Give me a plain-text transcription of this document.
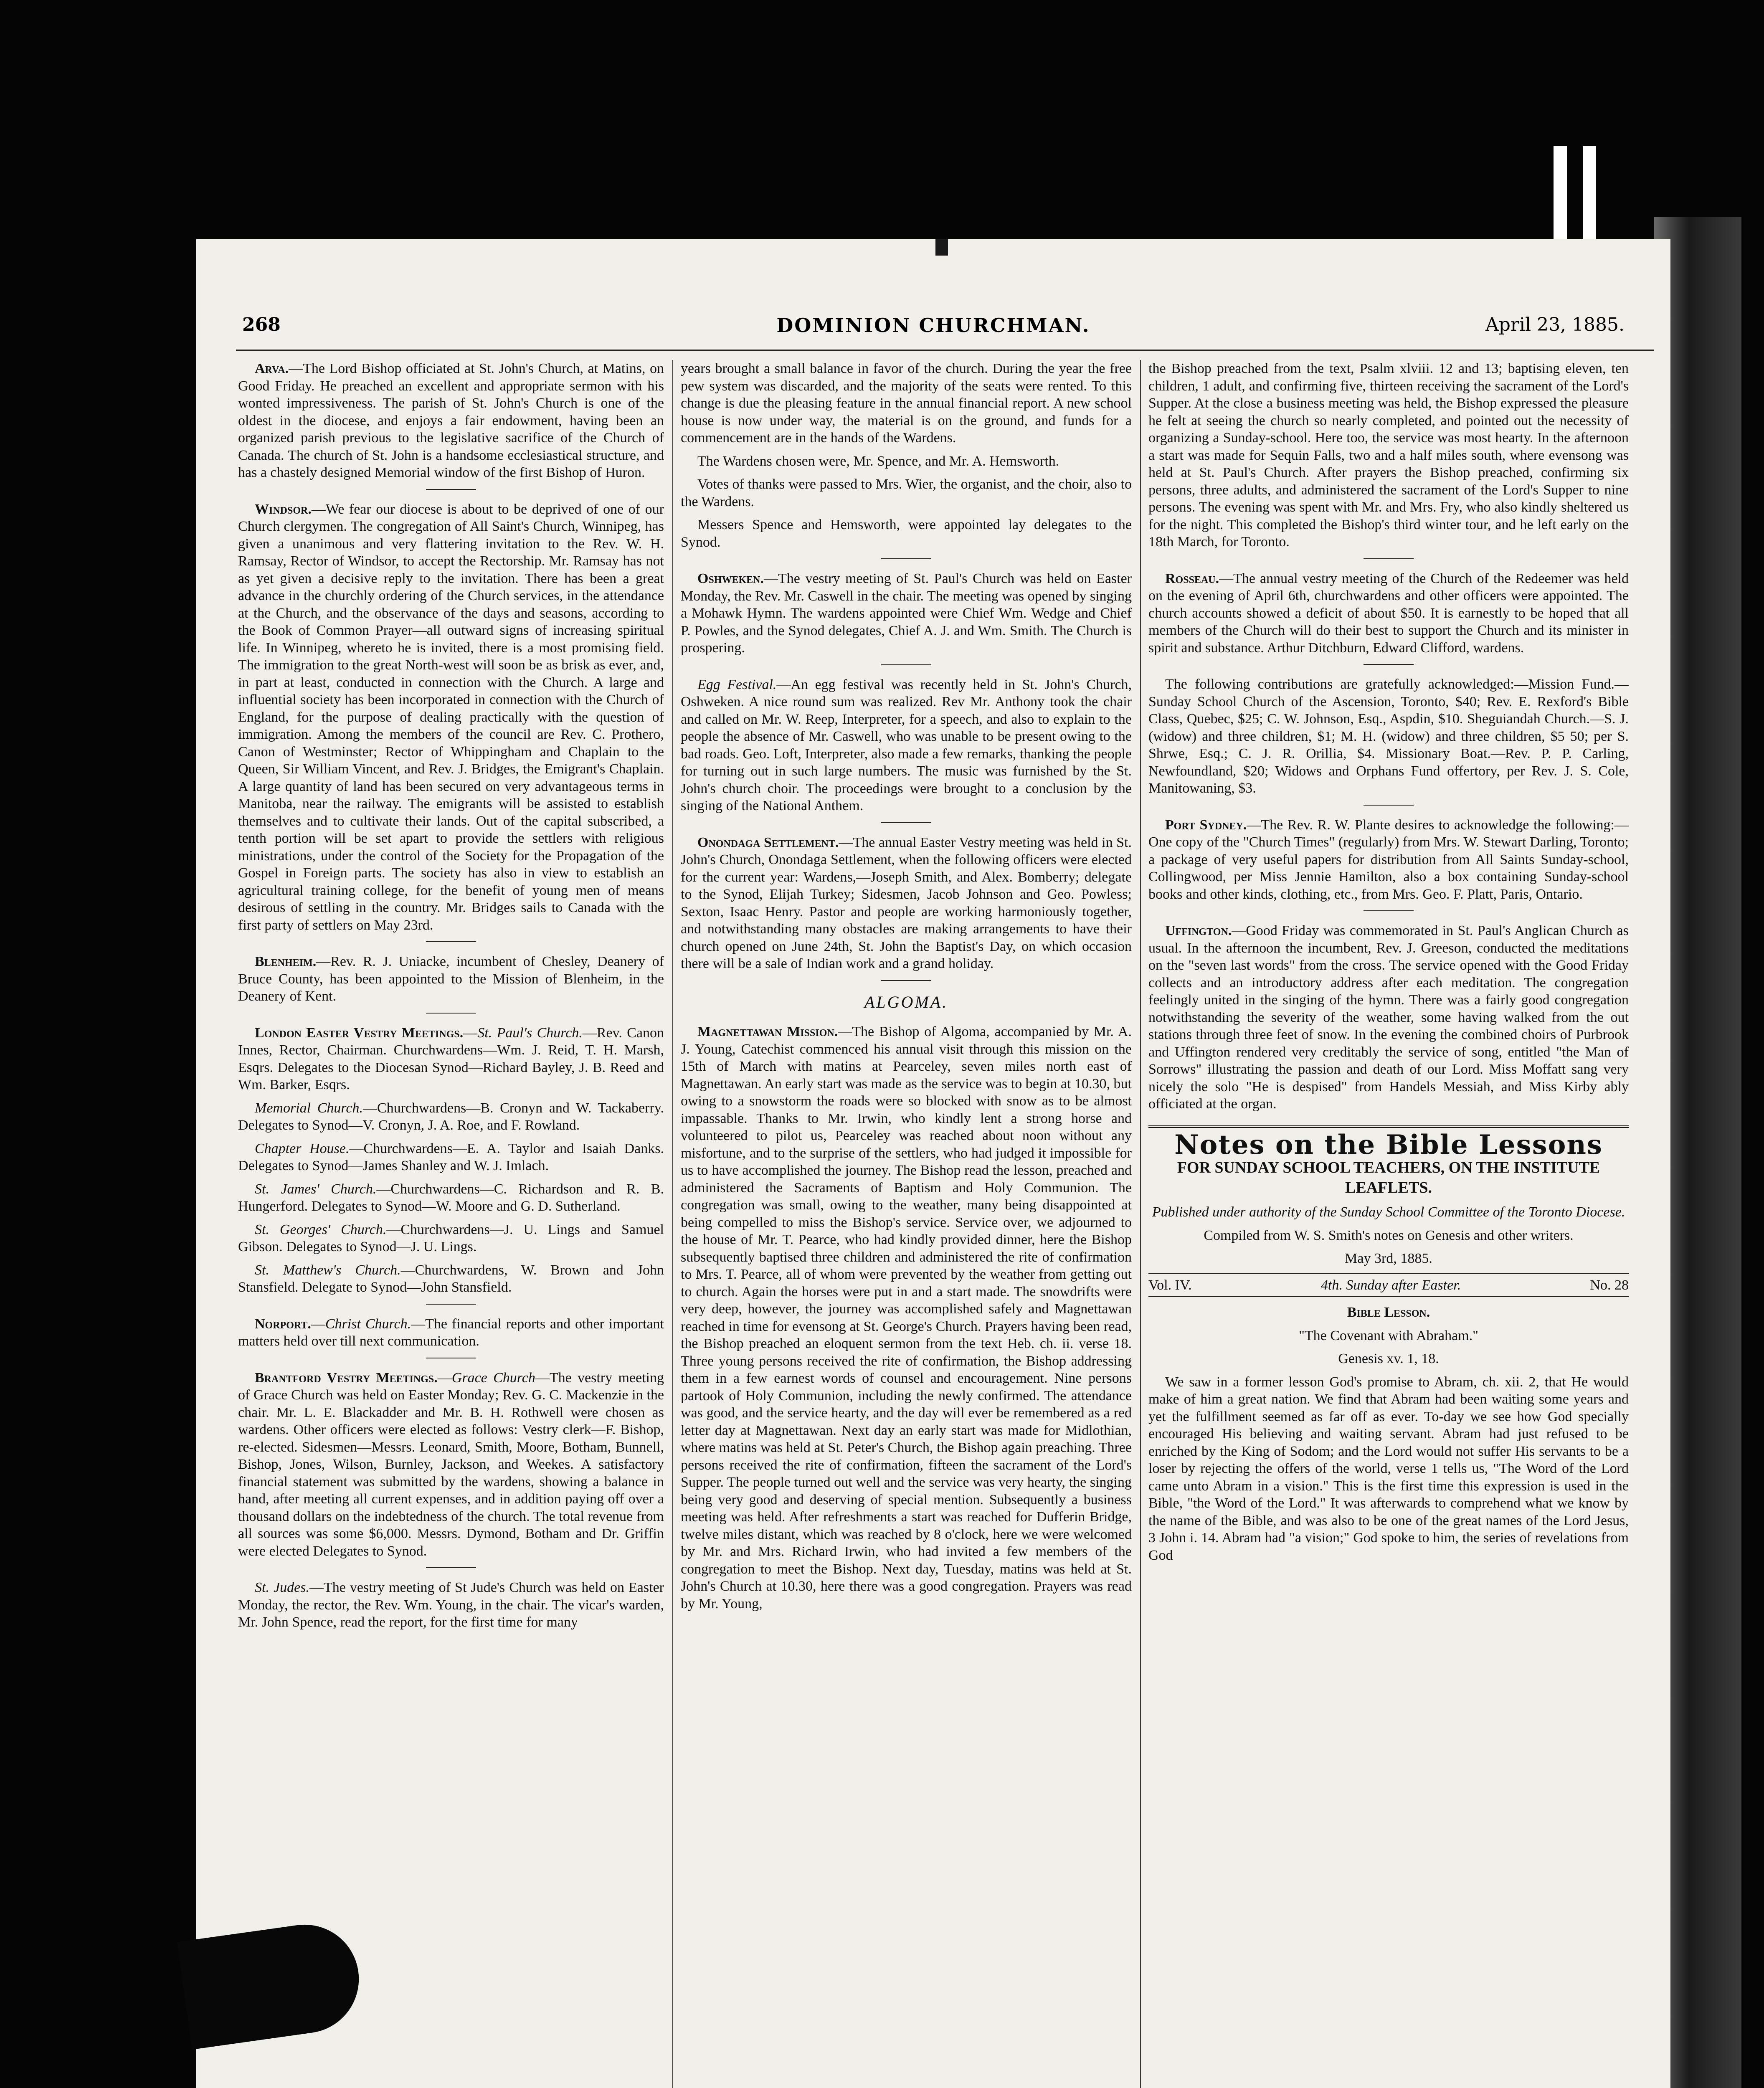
268	DOMINION CHURCHMAN.	April 23, 1885.

Arva.—The Lord Bishop officiated at St. John's Church, at Matins, on Good Friday. He preached an excellent and appropriate sermon with his wonted impressiveness. The parish of St. John's Church is one of the oldest in the diocese, and enjoys a fair endowment, having been an organized parish previous to the legislative sacrifice of the Church of Canada. The church of St. John is a handsome ecclesiastical structure, and has a chastely designed Memorial window of the first Bishop of Huron.

Windsor.—We fear our diocese is about to be deprived of one of our Church clergymen. The congregation of All Saint's Church, Winnipeg, has given a unanimous and very flattering invitation to the Rev. W. H. Ramsay, Rector of Windsor, to accept the Rectorship. Mr. Ramsay has not as yet given a decisive reply to the invitation. There has been a great advance in the churchly ordering of the Church services, in the attendance at the Church, and the observance of the days and seasons, according to the Book of Common Prayer—all outward signs of increasing spiritual life. In Winnipeg, whereto he is invited, there is a most promising field. The immigration to the great North-west will soon be as brisk as ever, and, in part at least, conducted in connection with the Church. A large and influential society has been incorporated in connection with the Church of England, for the purpose of dealing practically with the question of immigration. Among the members of the council are Rev. C. Prothero, Canon of Westminster; Rector of Whippingham and Chaplain to the Queen, Sir William Vincent, and Rev. J. Bridges, the Emigrant's Chaplain. A large quantity of land has been secured on very advantageous terms in Manitoba, near the railway. The emigrants will be assisted to establish themselves and to cultivate their lands. Out of the capital subscribed, a tenth portion will be set apart to provide the settlers with religious ministrations, under the control of the Society for the Propagation of the Gospel in Foreign parts. The society has also in view to establish an agricultural training college, for the benefit of young men of means desirous of settling in the country. Mr. Bridges sails to Canada with the first party of settlers on May 23rd.

Blenheim.—Rev. R. J. Uniacke, incumbent of Chesley, Deanery of Bruce County, has been appointed to the Mission of Blenheim, in the Deanery of Kent.

London Easter Vestry Meetings.—St. Paul's Church.—Rev. Canon Innes, Rector, Chairman. Churchwardens—Wm. J. Reid, T. H. Marsh, Esqrs. Delegates to the Diocesan Synod—Richard Bayley, J. B. Reed and Wm. Barker, Esqrs.

Memorial Church.—Churchwardens—B. Cronyn and W. Tackaberry. Delegates to Synod—V. Cronyn, J. A. Roe, and F. Rowland.

Chapter House.—Churchwardens—E. A. Taylor and Isaiah Danks. Delegates to Synod—James Shanley and W. J. Imlach.

St. James' Church.—Churchwardens—C. Richardson and R. B. Hungerford. Delegates to Synod—W. Moore and G. D. Sutherland.

St. Georges' Church.—Churchwardens—J. U. Lings and Samuel Gibson. Delegates to Synod—J. U. Lings.

St. Matthew's Church.—Churchwardens, W. Brown and John Stansfield. Delegate to Synod—John Stansfield.

Norport.—Christ Church.—The financial reports and other important matters held over till next communication.

Brantford Vestry Meetings.—Grace Church—The vestry meeting of Grace Church was held on Easter Monday; Rev. G. C. Mackenzie in the chair. Mr. L. E. Blackadder and Mr. B. H. Rothwell were chosen as wardens. Other officers were elected as follows: Vestry clerk—F. Bishop, re-elected. Sidesmen—Messrs. Leonard, Smith, Moore, Botham, Bunnell, Bishop, Jones, Wilson, Burnley, Jackson, and Weekes. A satisfactory financial statement was submitted by the wardens, showing a balance in hand, after meeting all current expenses, and in addition paying off over a thousand dollars on the indebtedness of the church. The total revenue from all sources was some $6,000. Messrs. Dymond, Botham and Dr. Griffin were elected Delegates to Synod.

St. Judes.—The vestry meeting of St Jude's Church was held on Easter Monday, the rector, the Rev. Wm. Young, in the chair. The vicar's warden, Mr. John Spence, read the report, for the first time for many

years brought a small balance in favor of the church. During the year the free pew system was discarded, and the majority of the seats were rented. To this change is due the pleasing feature in the annual financial report. A new school house is now under way, the material is on the ground, and funds for a commencement are in the hands of the Wardens.

The Wardens chosen were, Mr. Spence, and Mr. A. Hemsworth.

Votes of thanks were passed to Mrs. Wier, the organist, and the choir, also to the Wardens.

Messers Spence and Hemsworth, were appointed lay delegates to the Synod.

Oshweken.—The vestry meeting of St. Paul's Church was held on Easter Monday, the Rev. Mr. Caswell in the chair. The meeting was opened by singing a Mohawk Hymn. The wardens appointed were Chief Wm. Wedge and Chief P. Powles, and the Synod delegates, Chief A. J. and Wm. Smith. The Church is prospering.

Egg Festival.—An egg festival was recently held in St. John's Church, Oshweken. A nice round sum was realized. Rev Mr. Anthony took the chair and called on Mr. W. Reep, Interpreter, for a speech, and also to explain to the people the absence of Mr. Caswell, who was unable to be present owing to the bad roads. Geo. Loft, Interpreter, also made a few remarks, thanking the people for turning out in such large numbers. The music was furnished by the St. John's church choir. The proceedings were brought to a conclusion by the singing of the National Anthem.

Onondaga Settlement.—The annual Easter Vestry meeting was held in St. John's Church, Onondaga Settlement, when the following officers were elected for the current year: Wardens,—Joseph Smith, and Alex. Bomberry; delegate to the Synod, Elijah Turkey; Sidesmen, Jacob Johnson and Geo. Powless; Sexton, Isaac Henry. Pastor and people are working harmoniously together, and notwithstanding many obstacles are making arrangements to have their church opened on June 24th, St. John the Baptist's Day, on which occasion there will be a sale of Indian work and a grand holiday.

ALGOMA.

Magnettawan Mission.—The Bishop of Algoma, accompanied by Mr. A. J. Young, Catechist commenced his annual visit through this mission on the 15th of March with matins at Pearceley, seven miles north east of Magnettawan. An early start was made as the service was to begin at 10.30, but owing to a snowstorm the roads were so blocked with snow as to be almost impassable. Thanks to Mr. Irwin, who kindly lent a strong horse and volunteered to pilot us, Pearceley was reached about noon without any misfortune, and to the surprise of the settlers, who had judged it impossible for us to have accomplished the journey. The Bishop read the lesson, preached and administered the Sacraments of Baptism and Holy Communion. The congregation was small, owing to the weather, many being disappointed at being compelled to miss the Bishop's service. Service over, we adjourned to the house of Mr. T. Pearce, who had kindly provided dinner, here the Bishop subsequently baptised three children and administered the rite of confirmation to Mrs. T. Pearce, all of whom were prevented by the weather from getting out to church. Again the horses were put in and a start made. The snowdrifts were very deep, however, the journey was accomplished safely and Magnettawan reached in time for evensong at St. George's Church. Prayers having been read, the Bishop preached an eloquent sermon from the text Heb. ch. ii. verse 18. Three young persons received the rite of confirmation, the Bishop addressing them in a few earnest words of counsel and encouragement. Nine persons partook of Holy Communion, including the newly confirmed. The attendance was good, and the service hearty, and the day will ever be remembered as a red letter day at Magnettawan. Next day an early start was made for Midlothian, where matins was held at St. Peter's Church, the Bishop again preaching. Three persons received the rite of confirmation, fifteen the sacrament of the Lord's Supper. The people turned out well and the service was very hearty, the singing being very good and deserving of special mention. Subsequently a business meeting was held. After refreshments a start was reached for Dufferin Bridge, twelve miles distant, which was reached by 8 o'clock, here we were welcomed by Mr. and Mrs. Richard Irwin, who had invited a few members of the congregation to meet the Bishop. Next day, Tuesday, matins was held at St. John's Church at 10.30, here there was a good congregation. Prayers was read by Mr. Young,

the Bishop preached from the text, Psalm xlviii. 12 and 13; baptising eleven, ten children, 1 adult, and confirming five, thirteen receiving the sacrament of the Lord's Supper. At the close a business meeting was held, the Bishop expressed the pleasure he felt at seeing the church so nearly completed, and pointed out the necessity of organizing a Sunday-school. Here too, the service was most hearty. In the afternoon a start was made for Sequin Falls, two and a half miles south, where evensong was held at St. Paul's Church. After prayers the Bishop preached, confirming six persons, three adults, and administered the sacrament of the Lord's Supper to nine persons. The evening was spent with Mr. and Mrs. Fry, who also kindly sheltered us for the night. This completed the Bishop's third winter tour, and he left early on the 18th March, for Toronto.

Rosseau.—The annual vestry meeting of the Church of the Redeemer was held on the evening of April 6th, churchwardens and other officers were appointed. The church accounts showed a deficit of about $50. It is earnestly to be hoped that all members of the Church will do their best to support the Church and its minister in spirit and substance. Arthur Ditchburn, Edward Clifford, wardens.

The following contributions are gratefully acknowledged:—Mission Fund.—Sunday School Church of the Ascension, Toronto, $40; Rev. E. Rexford's Bible Class, Quebec, $25; C. W. Johnson, Esq., Aspdin, $10. Sheguiandah Church.—S. J. (widow) and three children, $1; M. H. (widow) and three children, $5 50; per S. Shrwe, Esq.; C. J. R. Orillia, $4. Missionary Boat.—Rev. P. P. Carling, Newfoundland, $20; Widows and Orphans Fund offertory, per Rev. J. S. Cole, Manitowaning, $3.

Port Sydney.—The Rev. R. W. Plante desires to acknowledge the following:—One copy of the "Church Times" (regularly) from Mrs. W. Stewart Darling, Toronto; a package of very useful papers for distribution from All Saints Sunday-school, Collingwood, per Miss Jennie Hamilton, also a box containing Sunday-school books and other kinds, clothing, etc., from Mrs. Geo. F. Platt, Paris, Ontario.

Uffington.—Good Friday was commemorated in St. Paul's Anglican Church as usual. In the afternoon the incumbent, Rev. J. Greeson, conducted the meditations on the "seven last words" from the cross. The service opened with the Good Friday collects and an introductory address after each meditation. The congregation feelingly united in the singing of the hymn. There was a fairly good congregation notwithstanding the severity of the weather, some having walked from the out stations through three feet of snow. In the evening the combined choirs of Purbrook and Uffington rendered very creditably the service of song, entitled "the Man of Sorrows" illustrating the passion and death of our Lord. Miss Moffatt sang very nicely the solo "He is despised" from Handels Messiah, and Miss Kirby ably officiated at the organ.

Notes on the Bible Lessons
FOR SUNDAY SCHOOL TEACHERS, ON THE INSTITUTE LEAFLETS.

Published under authority of the Sunday School Committee of the Toronto Diocese.

Compiled from W. S. Smith's notes on Genesis and other writers.

May 3rd, 1885.

Vol. IV.	4th. Sunday after Easter.	No. 28

Bible Lesson.

"The Covenant with Abraham."

Genesis xv. 1, 18.

We saw in a former lesson God's promise to Abram, ch. xii. 2, that He would make of him a great nation. We find that Abram had been waiting some years and yet the fulfillment seemed as far off as ever. To-day we see how God specially encouraged His believing and waiting servant. Abram had just refused to be enriched by the King of Sodom; and the Lord would not suffer His servants to be a loser by rejecting the offers of the world, verse 1 tells us, "The Word of the Lord came unto Abram in a vision." This is the first time this expression is used in the Bible, "the Word of the Lord." It was afterwards to comprehend what we know by the name of the Bible, and was also to be one of the great names of the Lord Jesus, 3 John i. 14. Abram had "a vision;" God spoke to him, the series of revelations from God
